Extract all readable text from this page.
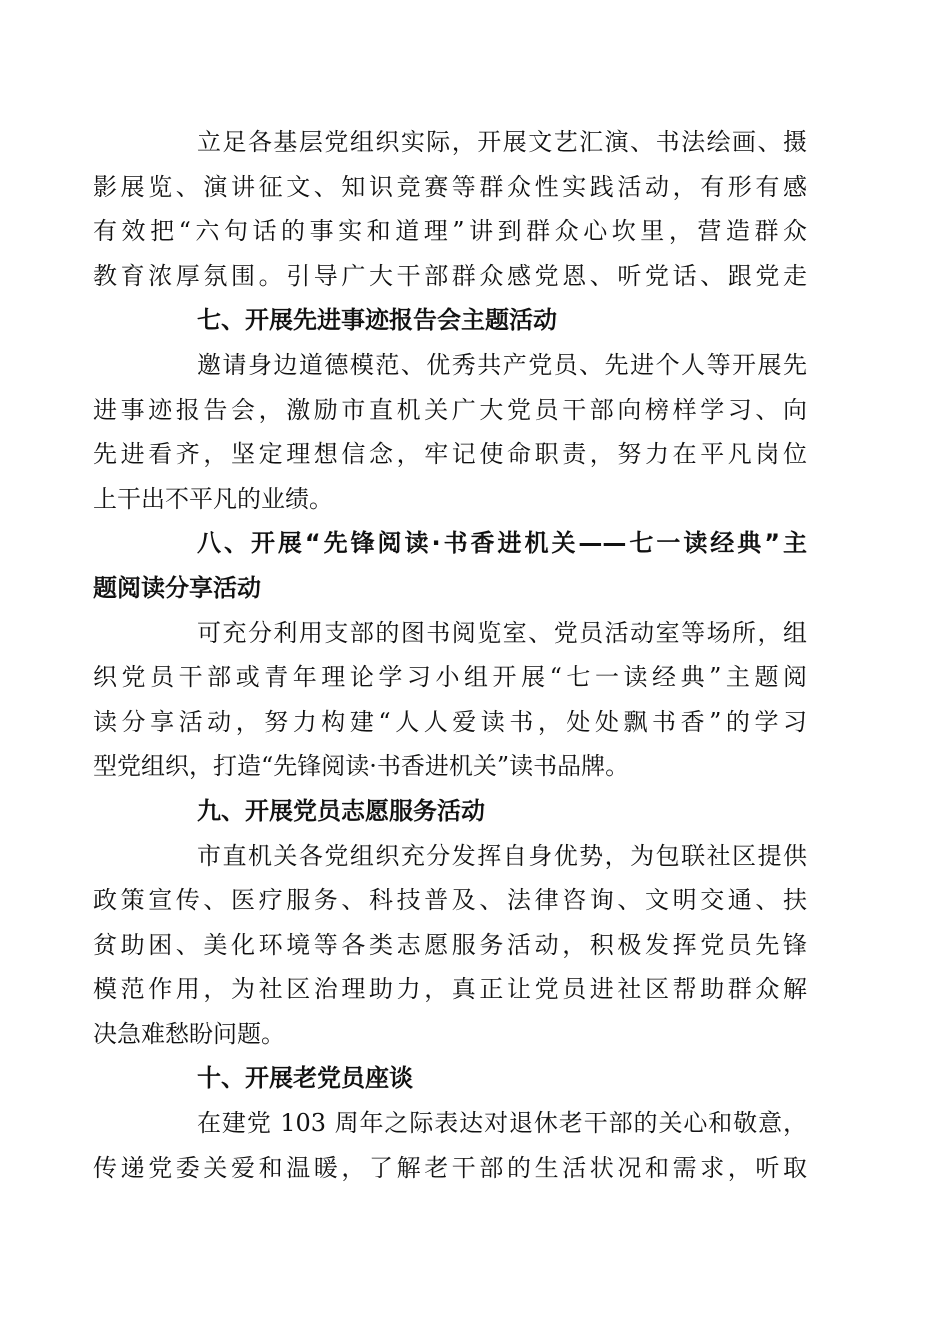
立足各基层党组织实际，开展文艺汇演、书法绘画、摄
影展览、演讲征文、知识竞赛等群众性实践活动，有形有感
有效把“六句话的事实和道理”讲到群众心坎里，营造群众
教育浓厚氛围。引导广大干部群众感党恩、听党话、跟党走

七、开展先进事迹报告会主题活动

邀请身边道德模范、优秀共产党员、先进个人等开展先
进事迹报告会，激励市直机关广大党员干部向榜样学习、向
先进看齐，坚定理想信念，牢记使命职责，努力在平凡岗位
上干出不平凡的业绩。

八、开展“先锋阅读·书香进机关——七一读经典”主
题阅读分享活动

可充分利用支部的图书阅览室、党员活动室等场所，组
织党员干部或青年理论学习小组开展“七一读经典”主题阅
读分享活动，努力构建“人人爱读书，处处飘书香”的学习
型党组织，打造“先锋阅读·书香进机关”读书品牌。

九、开展党员志愿服务活动

市直机关各党组织充分发挥自身优势，为包联社区提供
政策宣传、医疗服务、科技普及、法律咨询、文明交通、扶
贫助困、美化环境等各类志愿服务活动，积极发挥党员先锋
模范作用，为社区治理助力，真正让党员进社区帮助群众解
决急难愁盼问题。

十、开展老党员座谈

在建党 103 周年之际表达对退休老干部的关心和敬意，
传递党委关爱和温暖，了解老干部的生活状况和需求，听取
